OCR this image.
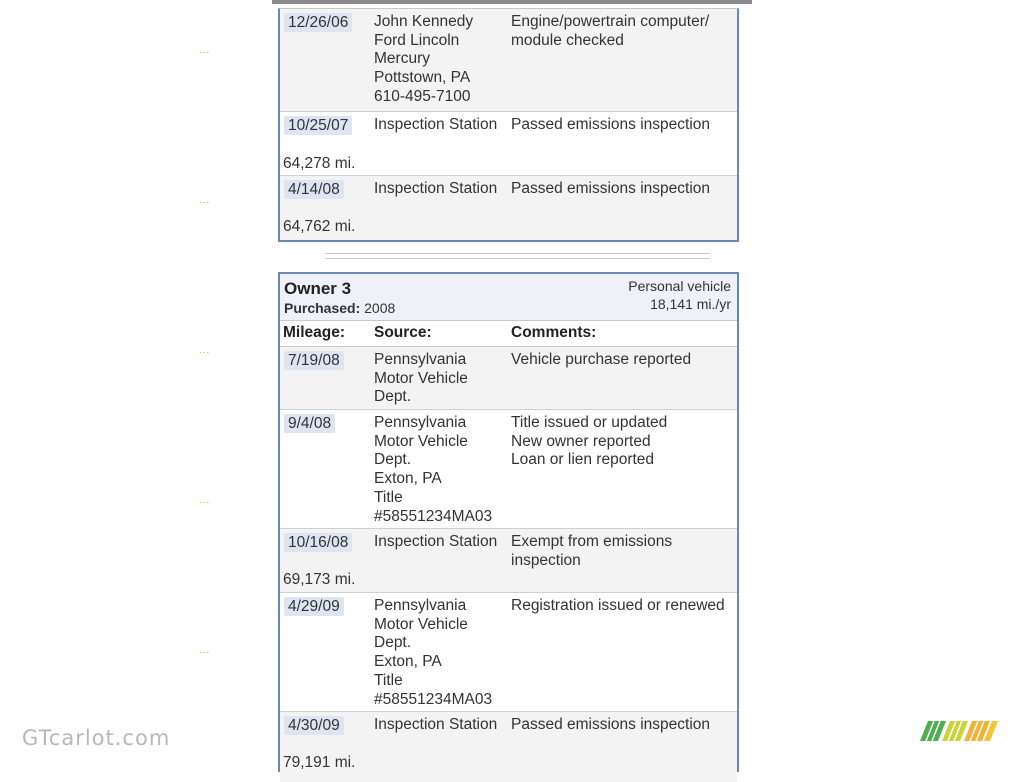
...
...
...
...
...
12/26/06 John Kennedy
Ford Lincoln
Mercury
Pottstown, PA
610-495-7100
Engine/powertrain computer/
module checked
10/25/07 Inspection Station Passed emissions inspection
64,278 mi.
4/14/08 Inspection Station Passed emissions inspection
64,762 mi.
Owner 3
Purchased: 2008
Personal vehicle
18,141 mi./yr
Mileage: Source:	Comments:
7/19/08 Pennsylvania
Motor Vehicle
Dept.
Vehicle purchase reported
9/4/08	Pennsylvania
Motor Vehicle
Dept.
Exton, PA
Title
#58551234MA03
Title issued or updated
New owner reported
Loan or lien reported
10/16/08 Inspection Station Exempt from emissions
inspection
69,173 mi.
4/29/09 Pennsylvania
Motor Vehicle
Dept.
Exton, PA
Title
#58551234MA03
Registration issued or renewed
4/30/09 Inspection Station Passed emissions inspection
79,191 mi.
GTcarlot.com
